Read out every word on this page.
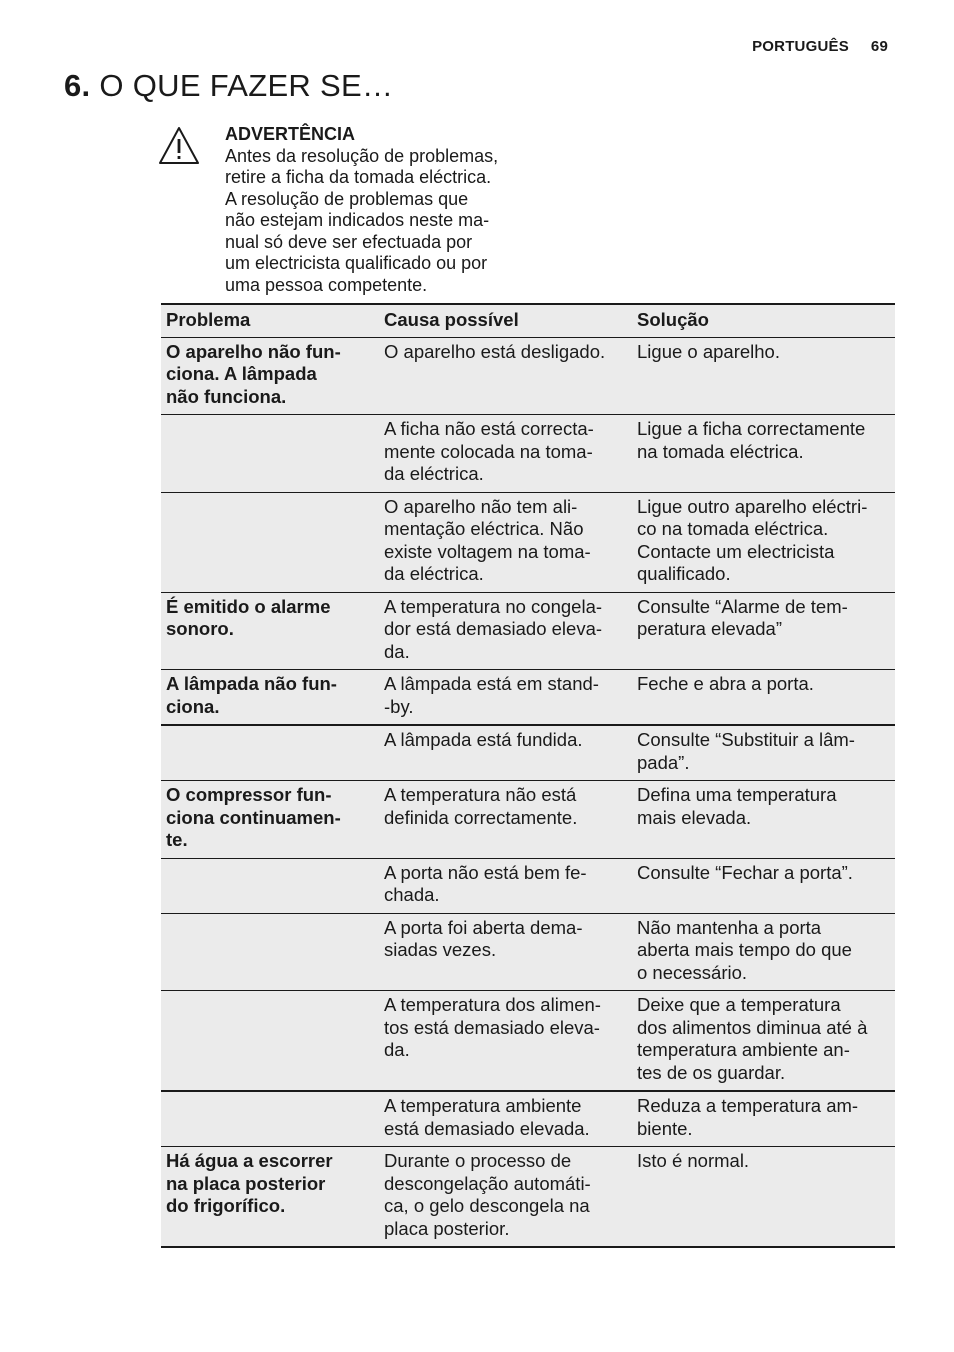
PORTUGUÊS 69
6. O QUE FAZER SE…
ADVERTÊNCIA
Antes da resolução de problemas,
retire a ficha da tomada eléctrica.
A resolução de problemas que
não estejam indicados neste ma-
nual só deve ser efectuada por
um electricista qualificado ou por
uma pessoa competente.
Problema	Causa possível	Solução

O aparelho não fun-
ciona. A lâmpada
não funciona.	O aparelho está desligado.	Ligue o aparelho.

	A ficha não está correcta-
mente colocada na toma-
da eléctrica.	Ligue a ficha correctamente
na tomada eléctrica.

	O aparelho não tem ali-
mentação eléctrica. Não
existe voltagem na toma-
da eléctrica.	Ligue outro aparelho eléctri-
co na tomada eléctrica.
Contacte um electricista
qualificado.

É emitido o alarme
sonoro.	A temperatura no congela-
dor está demasiado eleva-
da.	Consulte “Alarme de tem-
peratura elevada”

A lâmpada não fun-
ciona.	A lâmpada está em stand-
-by.	Feche e abra a porta.

	A lâmpada está fundida.	Consulte “Substituir a lâm-
pada”.

O compressor fun-
ciona continuamen-
te.	A temperatura não está
definida correctamente.	Defina uma temperatura
mais elevada.

	A porta não está bem fe-
chada.	Consulte “Fechar a porta”.

	A porta foi aberta dema-
siadas vezes.	Não mantenha a porta
aberta mais tempo do que
o necessário.

	A temperatura dos alimen-
tos está demasiado eleva-
da.	Deixe que a temperatura
dos alimentos diminua até à
temperatura ambiente an-
tes de os guardar.

	A temperatura ambiente
está demasiado elevada.	Reduza a temperatura am-
biente.

Há água a escorrer
na placa posterior
do frigorífico.	Durante o processo de
descongelação automáti-
ca, o gelo descongela na
placa posterior.	Isto é normal.
